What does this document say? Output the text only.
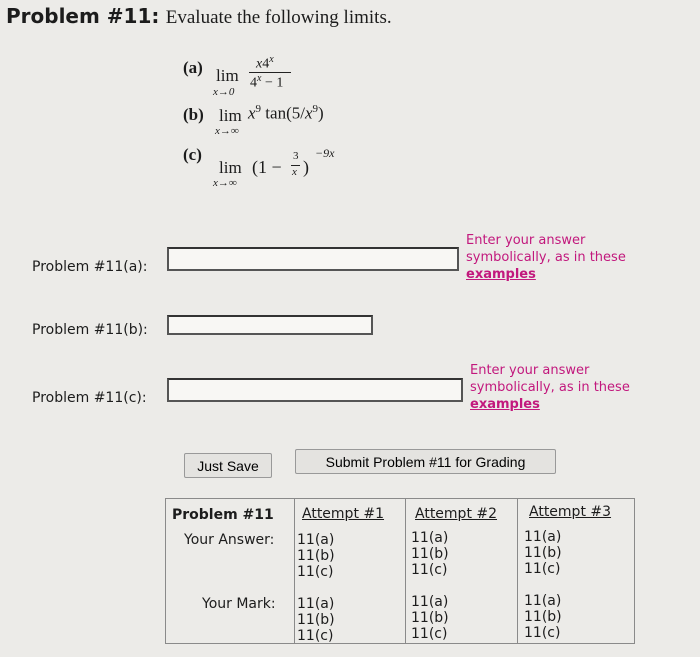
Problem #11: Evaluate the following limits.
(a) lim
x→0
x4$^x$
$4^x - 1$
(b) lim
x→∞
$x^9$ $\tan(5/x^9)$
(c)
lim
x→∞
(1 −
3
x )
−9x
Problem #11(a):
Enter your answer symbolically, as in these
examples
Problem #11(b):
Problem #11(c):
Enter your answer symbolically, as in these
examples
Just Save	Submit Problem #11 for Grading
Problem #11 Attempt #1 Attempt #2 Attempt #3
Your Answer:
Your Mark:
11(a)
11(b)
11(c)
11(a)
11(b)
11(c)
11(a)
11(b)
11(c)
11(a)
11(b)
11(c)
11(a)
11(b)
11(c)
11(a)
11(b)
11(c)
